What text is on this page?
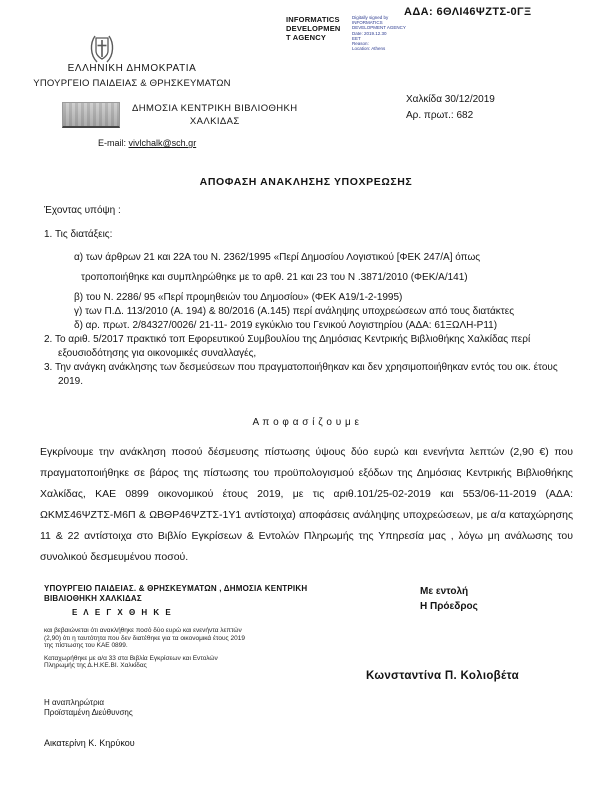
ΑΔΑ: 6ΘΛΙ46ΨΖΤΣ-0ΓΞ
INFORMATICS
DEVELOPMEN
T AGENCY
Digitally signed by
INFORMATICS
DEVELOPMENT AGENCY
Date: 2019.12.30
EET
Reason:
Location: Athens
ΕΛΛΗΝΙΚΗ ΔΗΜΟΚΡΑΤΙΑ
ΥΠΟΥΡΓΕΙΟ ΠΑΙΔΕΙΑΣ & ΘΡΗΣΚΕΥΜΑΤΩΝ
Χαλκίδα 30/12/2019
Αρ. πρωτ.: 682
ΔΗΜΟΣΙΑ ΚΕΝΤΡΙΚΗ ΒΙΒΛΙΟΘΗΚΗ
ΧΑΛΚΙΔΑΣ
E-mail: vivlchalk@sch.gr
ΑΠΟΦΑΣΗ ΑΝΑΚΛΗΣΗΣ ΥΠΟΧΡΕΩΣΗΣ
Έχοντας υπόψη :
1. Τις διατάξεις:
α) των άρθρων 21 και 22Α του Ν. 2362/1995 «Περί Δημοσίου Λογιστικού [ΦΕΚ 247/Α] όπως
τροποποιήθηκε και συμπληρώθηκε με το αρθ. 21 και 23 του Ν .3871/2010 (ΦΕΚ/Α/141)
β) του Ν. 2286/ 95 «Περί προμηθειών του Δημοσίου» (ΦΕΚ Α19/1-2-1995)
γ) των Π.Δ. 113/2010 (Α. 194) & 80/2016 (Α.145) περί ανάληψης υποχρεώσεων από τους διατάκτες
δ) αρ. πρωτ. 2/84327/0026/ 21-11- 2019 εγκύκλιο του Γενικού Λογιστηρίου (ΑΔΑ: 61ΞΩΛΗ-Ρ11)
2. Το αριθ. 5/2017 πρακτικό τοπ Εφορευτικού Συμβουλίου της Δημόσιας Κεντρικής Βιβλιοθήκης Χαλκίδας περί εξουσιοδότησης για οικονομικές συναλλαγές,
3. Την ανάγκη ανάκλησης των δεσμεύσεων που πραγματοποιήθηκαν και δεν χρησιμοποιήθηκαν εντός του οικ. έτους 2019.
Α π ο φ α σ ί ζ ο υ μ ε
Εγκρίνουμε την ανάκληση ποσού δέσμευσης πίστωσης ύψους δύο ευρώ και ενενήντα λεπτών (2,90 €) που πραγματοποιήθηκε σε βάρος της πίστωσης του προϋπολογισμού εξόδων της Δημόσιας Κεντρικής Βιβλιοθήκης Χαλκίδας, ΚΑΕ 0899 οικονομικού έτους 2019, με τις αριθ.101/25-02-2019 και 553/06-11-2019 (ΑΔΑ: ΩΚΜΣ46ΨΖΤΣ-Μ6Π & ΩΒΘΡ46ΨΖΤΣ-1Υ1 αντίστοιχα) αποφάσεις ανάληψης υποχρεώσεων, με α/α καταχώρησης 11 & 22 αντίστοιχα στο Βιβλίο Εγκρίσεων & Εντολών Πληρωμής της Υπηρεσία μας , λόγω μη ανάλωσης του συνολικού δεσμευμένου ποσού.
ΥΠΟΥΡΓΕΙΟ ΠΑΙΔΕΙΑΣ. & ΘΡΗΣΚΕΥΜΑΤΩΝ , ΔΗΜΟΣΙΑ ΚΕΝΤΡΙΚΗ
ΒΙΒΛΙΟΘΗΚΗ ΧΑΛΚΙΔΑΣ
Ε Λ Ε Γ Χ Θ Η Κ Ε
Με εντολή
Η Πρόεδρος
και βεβαιώνεται ότι ανακλήθηκε ποσό δύο ευρώ και ενενήντα λεπτών
(2,90) ότι η ταυτότητα που δεν διατέθηκε για τα οικονομικά έτους 2019
της πίστωσης του ΚΑΕ 0899.
Καταχωρήθηκε με α/α 33 στα Βιβλία Εγκρίσεων και Εντολών
Πληρωμής της Δ.Η.ΚΕ.ΒΙ. Χαλκίδας
Κωνσταντίνα Π. Κολιοβέτα
Η αναπληρώτρια
Προϊσταμένη Διεύθυνσης
Αικατερίνη Κ. Κηρύκου
